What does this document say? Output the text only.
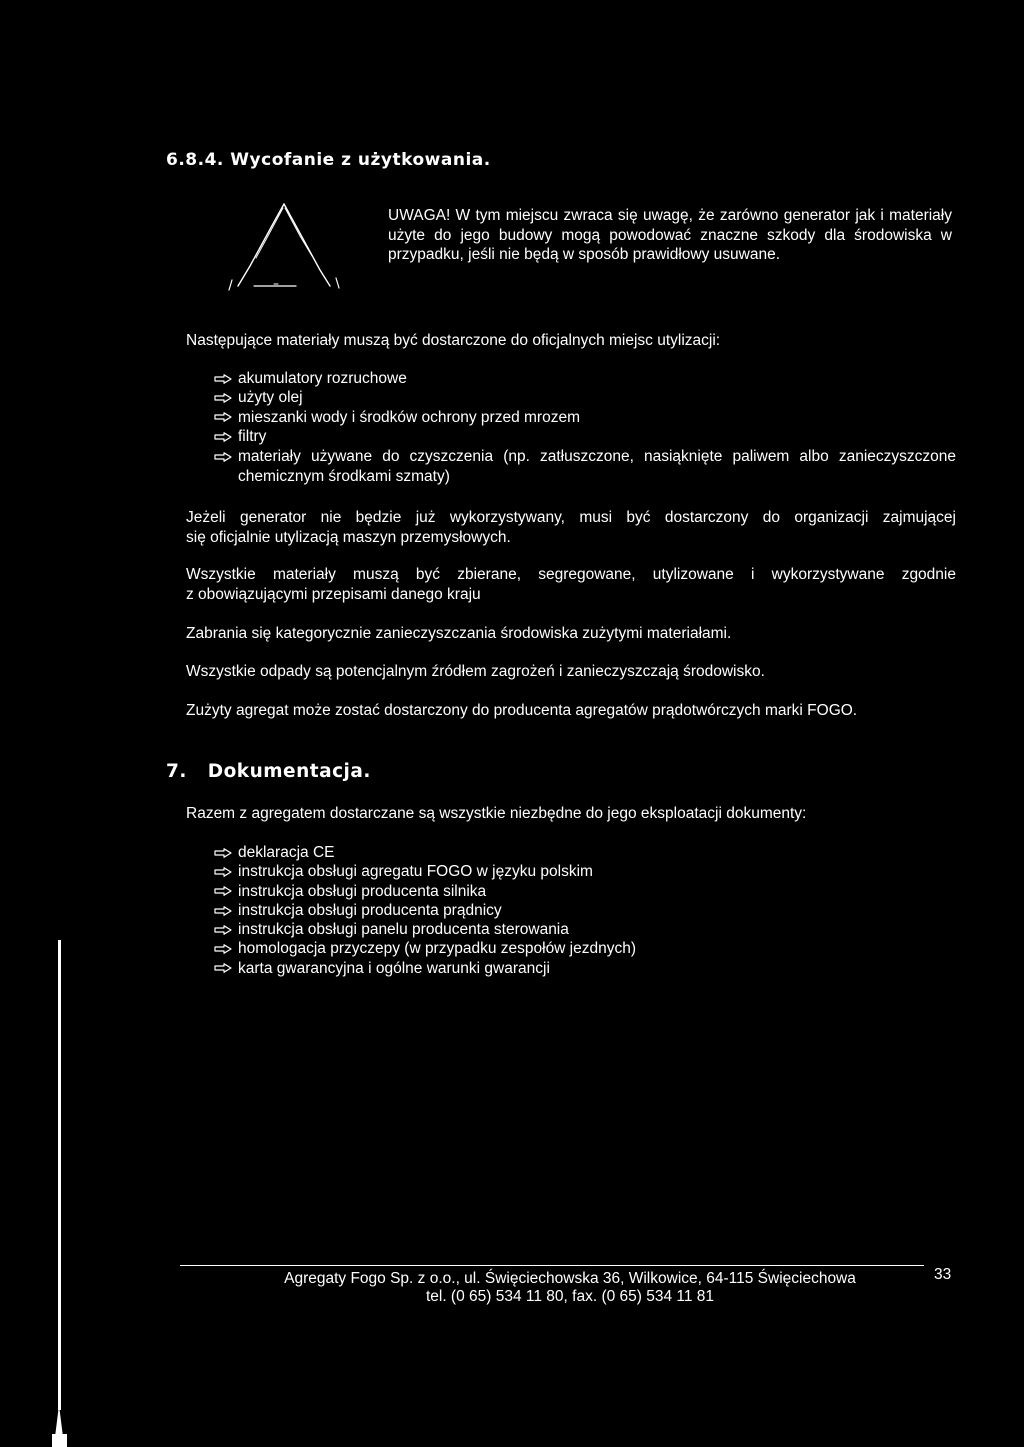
6.8.4. Wycofanie z użytkowania.
UWAGA! W tym miejscu zwraca się uwagę, że zarówno generator jak i materiały użyte do jego budowy mogą powodować znaczne szkody dla środowiska w przypadku, jeśli nie będą w sposób prawidłowy usuwane.
Następujące materiały muszą być dostarczone do oficjalnych miejsc utylizacji:
akumulatory rozruchowe
użyty olej
mieszanki wody i środków ochrony przed mrozem
filtry
materiały używane do czyszczenia (np. zatłuszczone, nasiąknięte paliwem albo zanieczyszczone
chemicznym środkami szmaty)
Jeżeli generator nie będzie już wykorzystywany, musi być dostarczony do organizacji zajmującej
się oficjalnie utylizacją maszyn przemysłowych.
Wszystkie materiały muszą być zbierane, segregowane, utylizowane i wykorzystywane zgodnie
z obowiązującymi przepisami danego kraju
Zabrania się kategorycznie zanieczyszczania środowiska zużytymi materiałami.
Wszystkie odpady są potencjalnym źródłem zagrożeń i zanieczyszczają środowisko.
Zużyty agregat może zostać dostarczony do producenta agregatów prądotwórczych marki FOGO.
7.   Dokumentacja.
Razem z agregatem dostarczane są wszystkie niezbędne do jego eksploatacji dokumenty:
deklaracja CE
instrukcja obsługi agregatu FOGO w języku polskim
instrukcja obsługi producenta silnika
instrukcja obsługi producenta prądnicy
instrukcja obsługi panelu producenta sterowania
homologacja przyczepy (w przypadku zespołów jezdnych)
karta gwarancyjna i ogólne warunki gwarancji
Agregaty Fogo Sp. z o.o., ul. Święciechowska 36, Wilkowice, 64-115 Święciechowa
tel. (0 65) 534 11 80, fax. (0 65) 534 11 81
33
